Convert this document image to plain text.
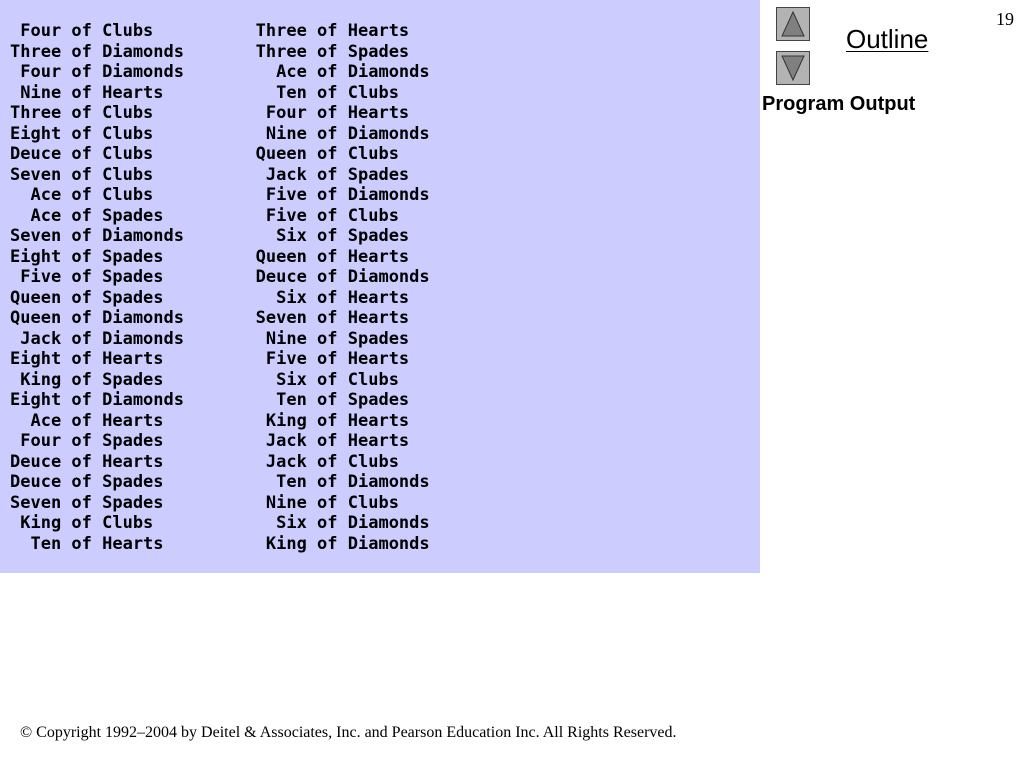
Four of Clubs          Three of Hearts
Three of Diamonds       Three of Spades
Four of Diamonds         Ace of Diamonds
Nine of Hearts           Ten of Clubs
Three of Clubs           Four of Hearts
Eight of Clubs           Nine of Diamonds
Deuce of Clubs          Queen of Clubs
Seven of Clubs           Jack of Spades
Ace of Clubs           Five of Diamonds
Ace of Spades          Five of Clubs
Seven of Diamonds         Six of Spades
Eight of Spades         Queen of Hearts
Five of Spades         Deuce of Diamonds
Queen of Spades           Six of Hearts
Queen of Diamonds       Seven of Hearts
Jack of Diamonds        Nine of Spades
Eight of Hearts          Five of Hearts
King of Spades           Six of Clubs
Eight of Diamonds         Ten of Spades
Ace of Hearts          King of Hearts
Four of Spades          Jack of Hearts
Deuce of Hearts          Jack of Clubs
Deuce of Spades           Ten of Diamonds
Seven of Spades          Nine of Clubs
King of Clubs            Six of Diamonds
Ten of Hearts          King of Diamonds
Outline
19
Program Output
© Copyright 1992–2004 by Deitel & Associates, Inc. and Pearson Education Inc. All Rights Reserved.
